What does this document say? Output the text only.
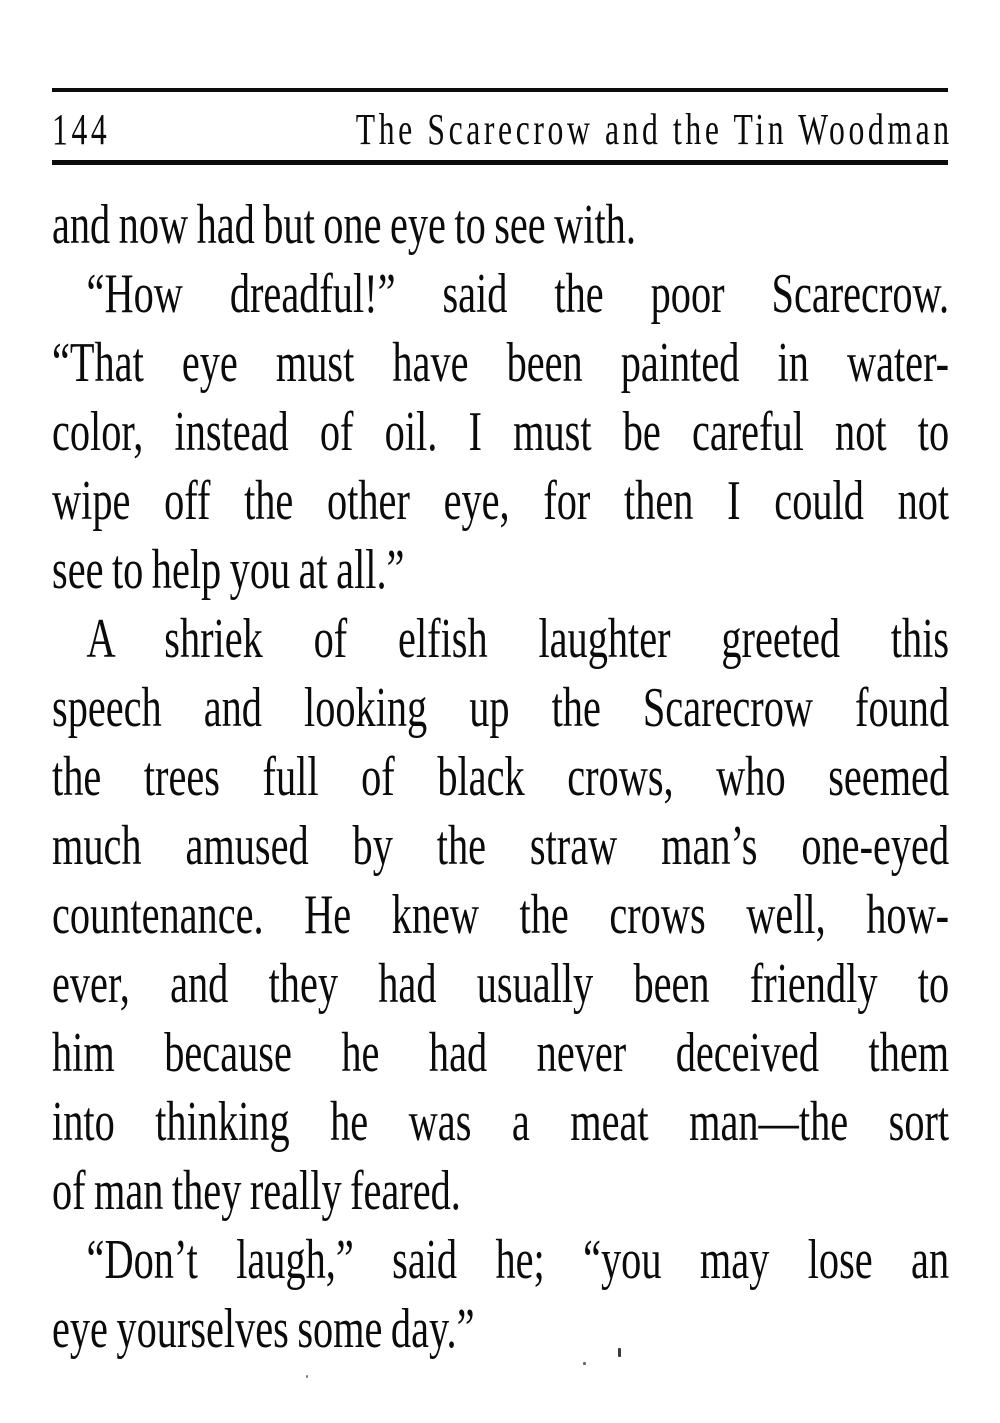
144	The Scarecrow and the Tin Woodman
and now had but one eye to see with.
“How dreadful!” said the poor Scarecrow.
“That eye must have been painted in water-
color, instead of oil. I must be careful not to
wipe off the other eye, for then I could not
see to help you at all.”
A shriek of elfish laughter greeted this
speech and looking up the Scarecrow found
the trees full of black crows, who seemed
much amused by the straw man’s one-eyed
countenance. He knew the crows well, how-
ever, and they had usually been friendly to
him because he had never deceived them
into thinking he was a meat man—the sort
of man they really feared.
“Don’t laugh,” said he; “you may lose an
eye yourselves some day.”
